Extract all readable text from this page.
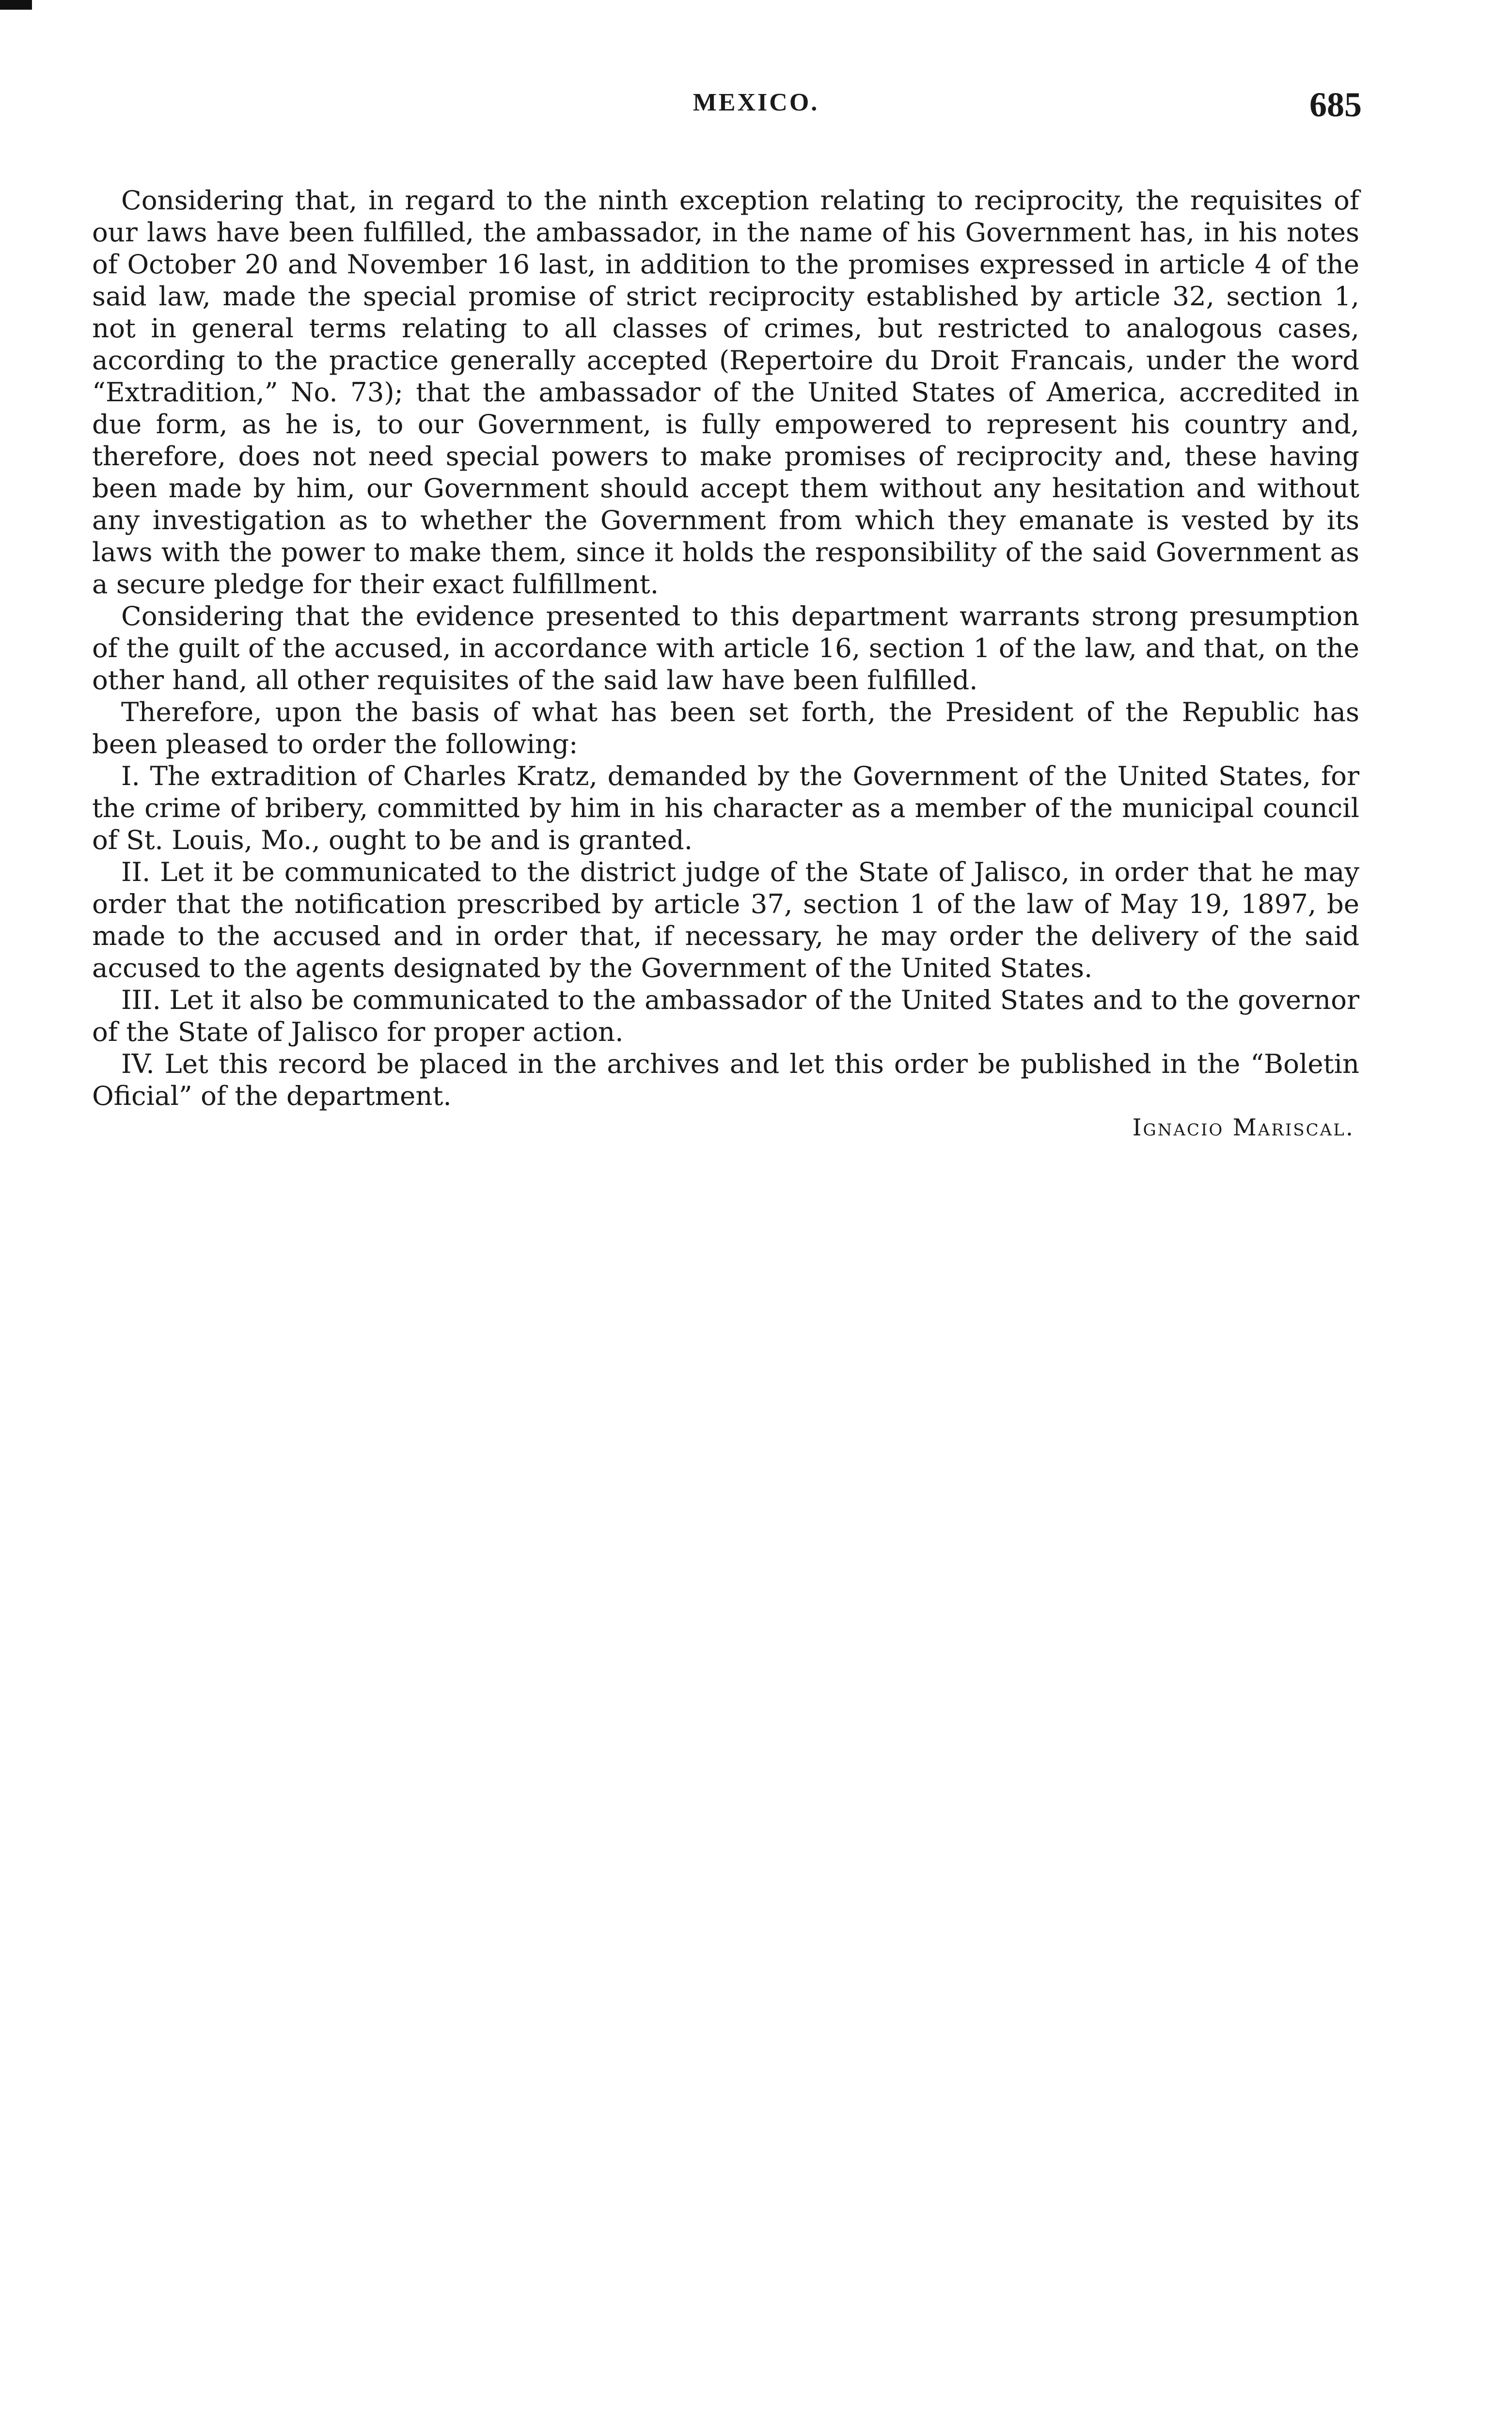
MEXICO.	685

Considering that, in regard to the ninth exception relating to reciprocity, the requisites of our laws have been fulfilled, the ambassador, in the name of his Government has, in his notes of October 20 and November 16 last, in addition to the promises expressed in article 4 of the said law, made the special promise of strict reciprocity established by article 32, section 1, not in general terms relating to all classes of crimes, but restricted to analogous cases, according to the practice generally accepted (Repertoire du Droit Francais, under the word “Extradition,” No. 73); that the ambassador of the United States of America, accredited in due form, as he is, to our Government, is fully empowered to represent his country and, therefore, does not need special powers to make promises of reciprocity and, these having been made by him, our Government should accept them without any hesitation and without any investigation as to whether the Government from which they emanate is vested by its laws with the power to make them, since it holds the responsibility of the said Government as a secure pledge for their exact fulfillment.

Considering that the evidence presented to this department warrants strong presumption of the guilt of the accused, in accordance with article 16, section 1 of the law, and that, on the other hand, all other requisites of the said law have been fulfilled.

Therefore, upon the basis of what has been set forth, the President of the Republic has been pleased to order the following:

I. The extradition of Charles Kratz, demanded by the Government of the United States, for the crime of bribery, committed by him in his character as a member of the municipal council of St. Louis, Mo., ought to be and is granted.

II. Let it be communicated to the district judge of the State of Jalisco, in order that he may order that the notification prescribed by article 37, section 1 of the law of May 19, 1897, be made to the accused and in order that, if necessary, he may order the delivery of the said accused to the agents designated by the Government of the United States.

III. Let it also be communicated to the ambassador of the United States and to the governor of the State of Jalisco for proper action.

IV. Let this record be placed in the archives and let this order be published in the “Boletin Oficial” of the department.

Ignacio Mariscal.
